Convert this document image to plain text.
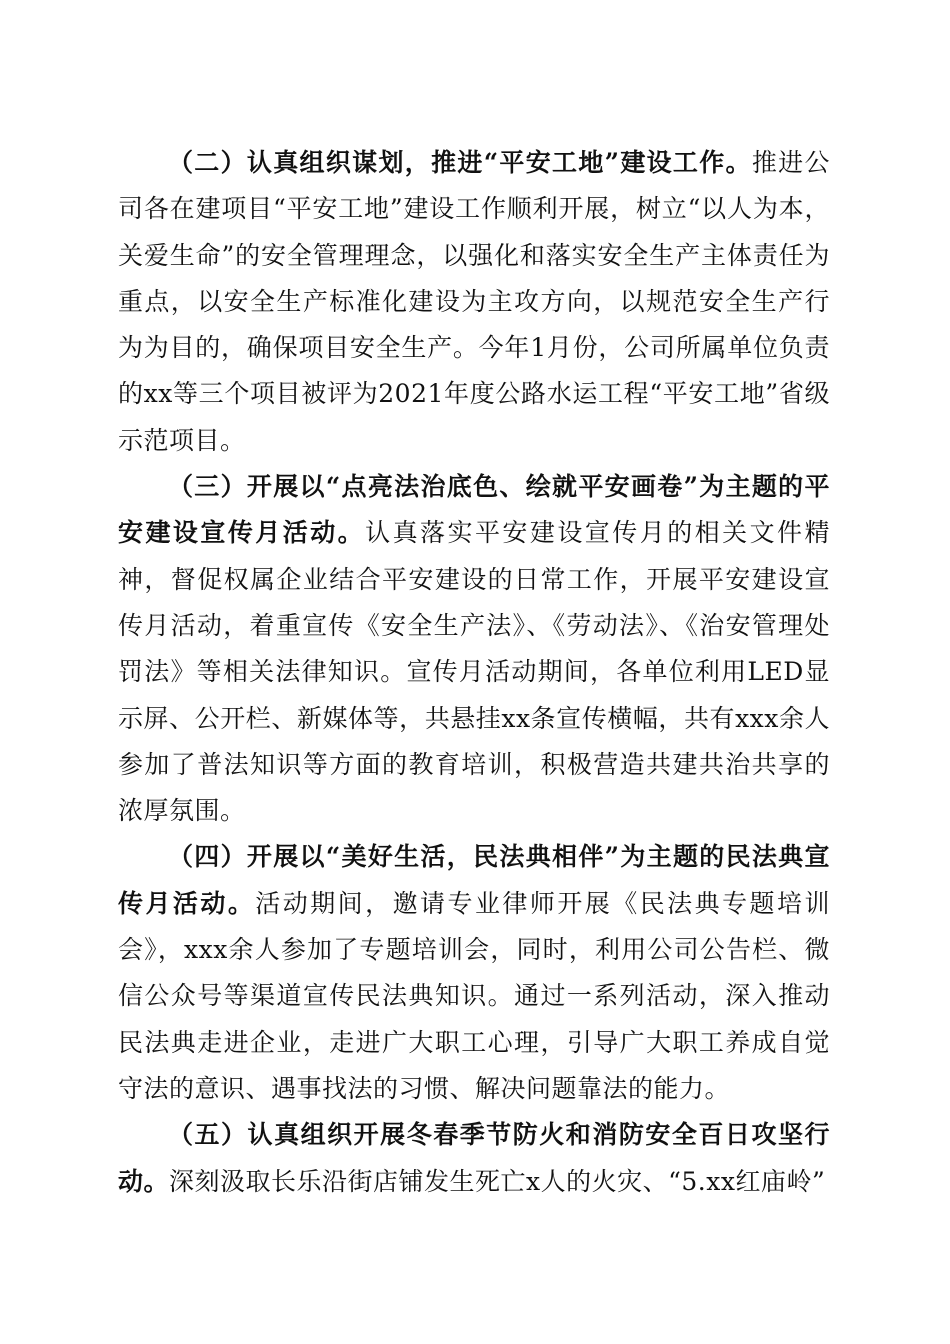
（二）认真组织谋划，推进“平安工地”建设工作。推进公司各在建项目“平安工地”建设工作顺利开展，树立“以人为本，关爱生命”的安全管理理念，以强化和落实安全生产主体责任为重点，以安全生产标准化建设为主攻方向，以规范安全生产行为为目的，确保项目安全生产。今年1月份，公司所属单位负责的xx等三个项目被评为2021年度公路水运工程“平安工地”省级示范项目。

（三）开展以“点亮法治底色、绘就平安画卷”为主题的平安建设宣传月活动。认真落实平安建设宣传月的相关文件精神，督促权属企业结合平安建设的日常工作，开展平安建设宣传月活动，着重宣传《安全生产法》、《劳动法》、《治安管理处罚法》等相关法律知识。宣传月活动期间，各单位利用LED显示屏、公开栏、新媒体等，共悬挂xx条宣传横幅，共有xxx余人参加了普法知识等方面的教育培训，积极营造共建共治共享的浓厚氛围。

（四）开展以“美好生活，民法典相伴”为主题的民法典宣传月活动。活动期间，邀请专业律师开展《民法典专题培训会》，xxx余人参加了专题培训会，同时，利用公司公告栏、微信公众号等渠道宣传民法典知识。通过一系列活动，深入推动民法典走进企业，走进广大职工心理，引导广大职工养成自觉守法的意识、遇事找法的习惯、解决问题靠法的能力。

（五）认真组织开展冬春季节防火和消防安全百日攻坚行动。深刻汲取长乐沿街店铺发生死亡x人的火灾、“5.xx红庙岭”
